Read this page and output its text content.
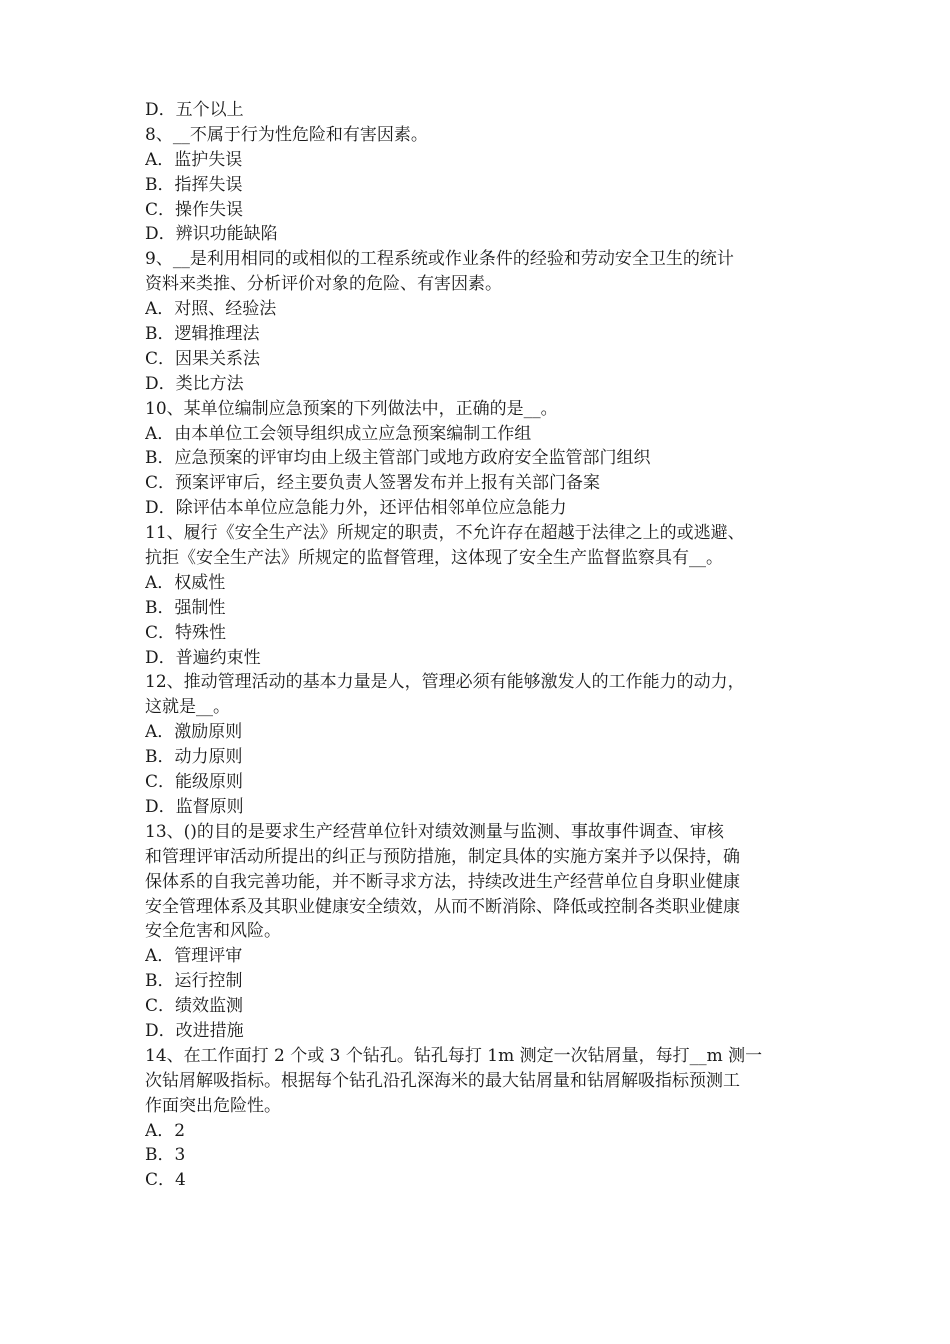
D．五个以上
8、__不属于行为性危险和有害因素。
A．监护失误
B．指挥失误
C．操作失误
D．辨识功能缺陷
9、__是利用相同的或相似的工程系统或作业条件的经验和劳动安全卫生的统计
资料来类推、分析评价对象的危险、有害因素。
A．对照、经验法
B．逻辑推理法
C．因果关系法
D．类比方法
10、某单位编制应急预案的下列做法中，正确的是__。
A．由本单位工会领导组织成立应急预案编制工作组
B．应急预案的评审均由上级主管部门或地方政府安全监管部门组织
C．预案评审后，经主要负责人签署发布并上报有关部门备案
D．除评估本单位应急能力外，还评估相邻单位应急能力
11、履行《安全生产法》所规定的职责，不允许存在超越于法律之上的或逃避、
抗拒《安全生产法》所规定的监督管理，这体现了安全生产监督监察具有__。
A．权威性
B．强制性
C．特殊性
D．普遍约束性
12、推动管理活动的基本力量是人，管理必须有能够激发人的工作能力的动力，
这就是__。
A．激励原则
B．动力原则
C．能级原则
D．监督原则
13、()的目的是要求生产经营单位针对绩效测量与监测、事故事件调查、审核
和管理评审活动所提出的纠正与预防措施，制定具体的实施方案并予以保持，确
保体系的自我完善功能，并不断寻求方法，持续改进生产经营单位自身职业健康
安全管理体系及其职业健康安全绩效，从而不断消除、降低或控制各类职业健康
安全危害和风险。
A．管理评审
B．运行控制
C．绩效监测
D．改进措施
14、在工作面打 2 个或 3 个钻孔。钻孔每打 1m 测定一次钻屑量，每打__m 测一
次钻屑解吸指标。根据每个钻孔沿孔深海米的最大钻屑量和钻屑解吸指标预测工
作面突出危险性。
A．2
B．3
C．4
